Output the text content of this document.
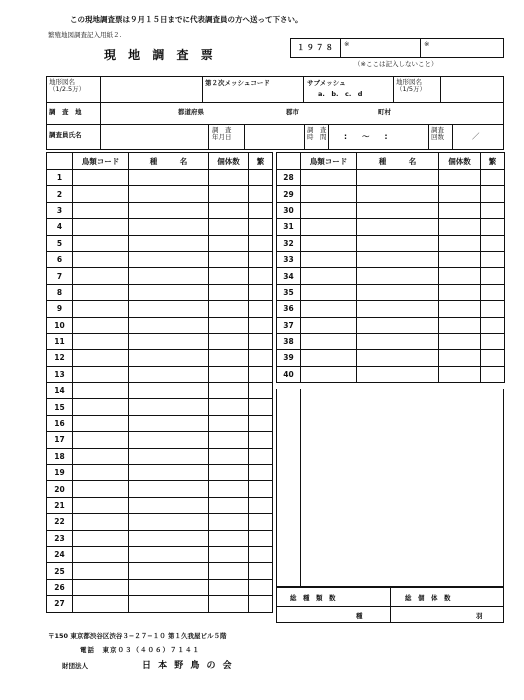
この現地調査票は９月１５日までに代表調査員の方へ送って下さい。
繁殖地図調査記入用紙２.
現 地 調 査 票
１９７８ ※	※
（※ここは記入しないこと）
地形図名
（1/2.5万）
第２次メッシュコード	サブメッシュ
a.　b.　c.　d
地形図名
（1/5万）
調　査　地	都道府県	郡市	町村
調査員氏名
調　査
年月日
調　査
時　間 :　　～　　:
調査
回数	／
	鳥類コード	種　　　名	個体数	繁
1				
2				
3				
4				
5				
6				
7				
8				
9				
10				
11				
12				
13				
14				
15				
16				
17				
18				
19				
20				
21				
22				
23				
24				
25				
26				
27				
	鳥類コード	種　　　名	個体数	繁
28				
29				
30				
31				
32				
33				
34				
35				
36				
37				
38				
39				
40				
総　種　類　数	総　個　体　数
種	羽
〒150 東京都渋谷区渋谷３−２７−１０ 第１久我屋ビル５階
電話　東京０３（４０６）７１４１
財団法人	日 本 野 鳥 の 会
